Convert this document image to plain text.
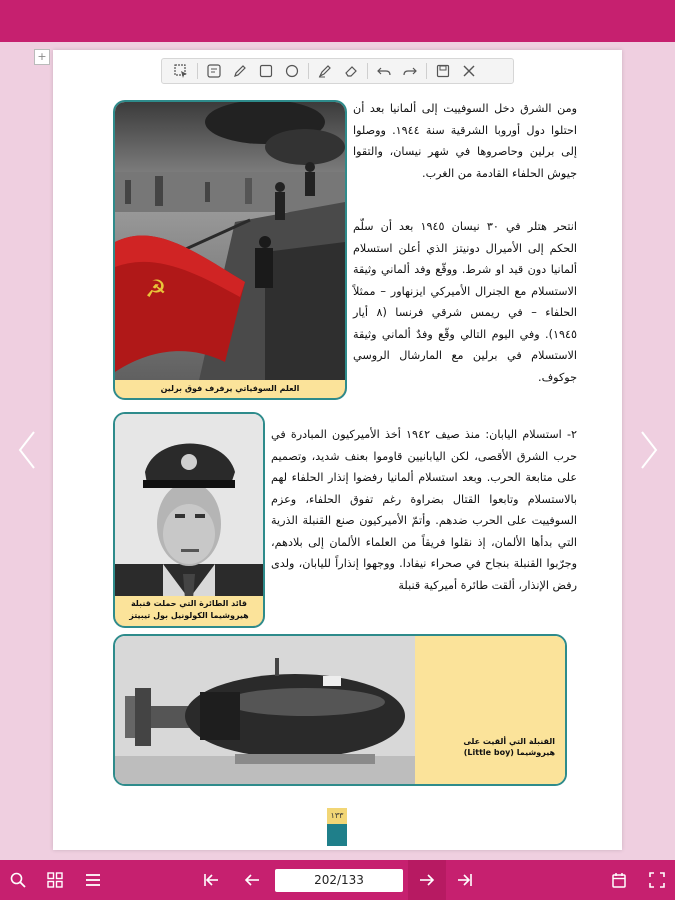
+
☭
العلم السوفياتي يرفرف فوق برلين
ومن الشرق دخل السوفييت إلى ألمانيا بعد أن احتلوا دول أوروبا الشرقية سنة ١٩٤٤. ووصلوا إلى برلين وحاصروها في شهر نيسان، والتقوا جيوش الحلفاء القادمة من الغرب.
انتحر هتلر في ٣٠ نيسان ١٩٤٥ بعد أن سلّم الحكم إلى الأميرال دونيتز الذي أعلن استسلام ألمانيا دون قيد او شرط. ووقّع وفد ألماني وثيقة الاستسلام مع الجنرال الأميركي ايزنهاور – ممثلاً الحلفاء – في ريمس شرقي فرنسا (٨ أيار ١٩٤٥). وفي اليوم التالي وقّع وفدٌ ألماني وثيقة الاستسلام في برلين مع المارشال الروسي جوكوف.
قائد الطائرة التي حملت قنبلة هيروشيما الكولونيل بول تيبيتز
٢- استسلام اليابان: منذ صيف ١٩٤٢ أخذ الأميركيون المبادرة في حرب الشرق الأقصى، لكن اليابانيين قاوموا بعنف شديد، وتصميم على متابعة الحرب. وبعد استسلام ألمانيا رفضوا إنذار الحلفاء لهم بالاستسلام وتابعوا القتال بضراوة رغم تفوق الحلفاء، وعزم السوفييت على الحرب ضدهم. وأتمّ الأميركيون صنع القنبلة الذرية التي بدأها الألمان، إذ نقلوا فريقاً من العلماء الألمان إلى بلادهم، وجرّبوا القنبلة بنجاح في صحراء نيفادا. ووجهوا إنذاراً لليابان، ولدى رفض الإنذار، ألقت طائرة أميركية قنبلة
القنبلة التي ألقيت على
هيروشيما (Little boy)
١٣٣
202/133
